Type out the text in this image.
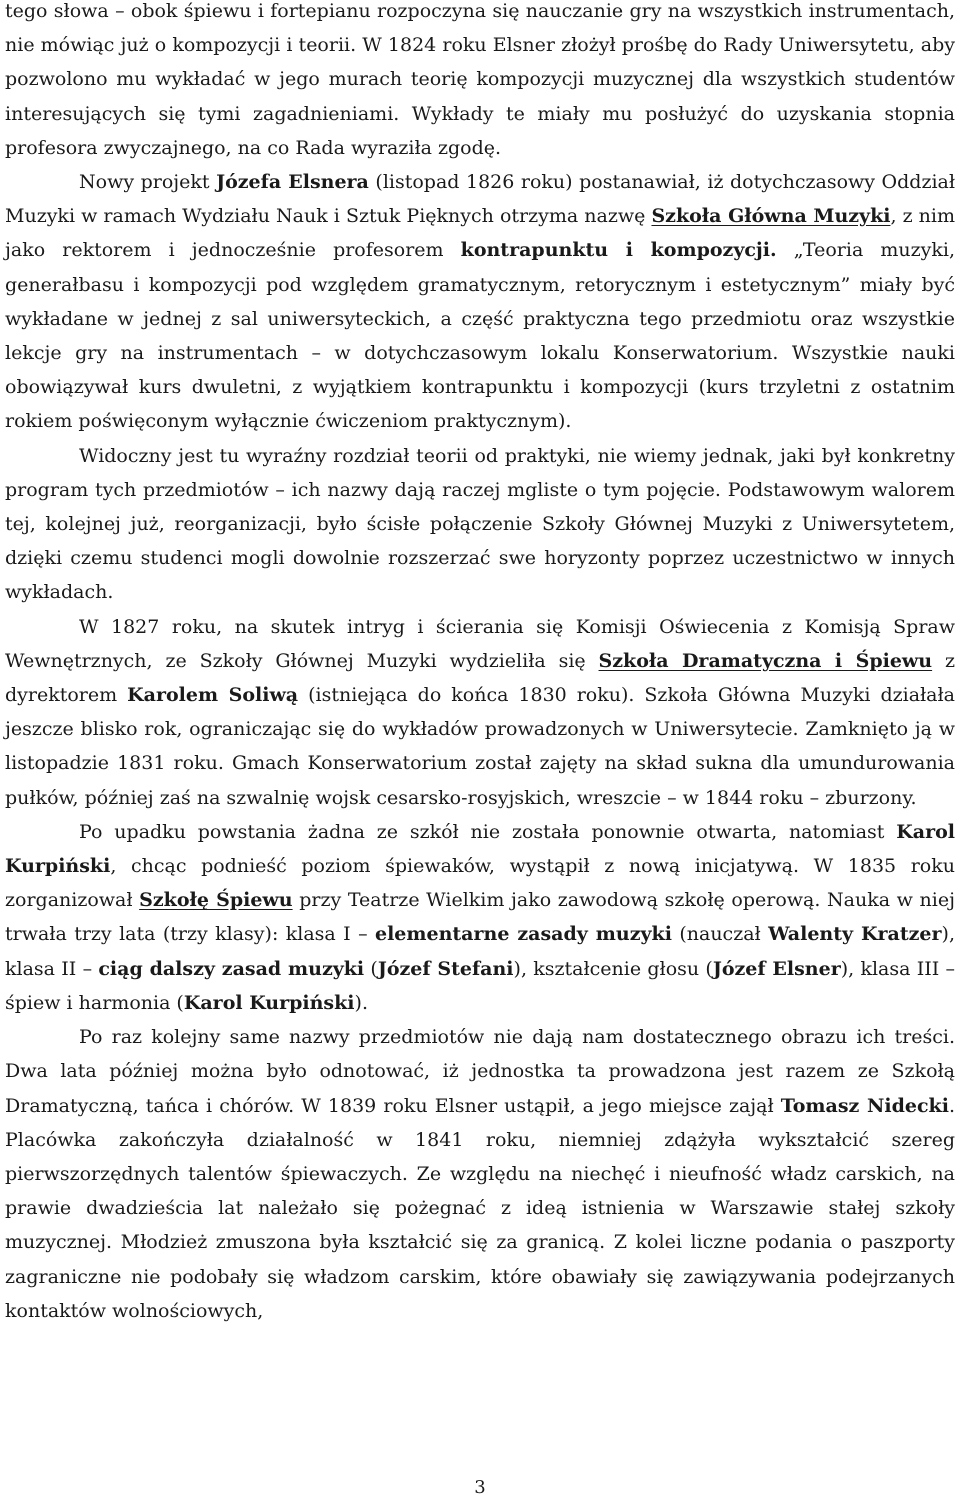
tego słowa – obok śpiewu i fortepianu rozpoczyna się nauczanie gry na wszystkich instrumentach, nie mówiąc już o kompozycji i teorii. W 1824 roku Elsner złożył prośbę do Rady Uniwersytetu, aby pozwolono mu wykładać w jego murach teorię kompozycji muzycznej dla wszystkich studentów interesujących się tymi zagadnieniami. Wykłady te miały mu posłużyć do uzyskania stopnia profesora zwyczajnego, na co Rada wyraziła zgodę.

Nowy projekt Józefa Elsnera (listopad 1826 roku) postanawiał, iż dotychczasowy Oddział Muzyki w ramach Wydziału Nauk i Sztuk Pięknych otrzyma nazwę Szkoła Główna Muzyki, z nim jako rektorem i jednocześnie profesorem kontrapunktu i kompozycji. „Teoria muzyki, generałbasu i kompozycji pod względem gramatycznym, retorycznym i estetycznym” miały być wykładane w jednej z sal uniwersyteckich, a część praktyczna tego przedmiotu oraz wszystkie lekcje gry na instrumentach – w dotychczasowym lokalu Konserwatorium. Wszystkie nauki obowiązywał kurs dwuletni, z wyjątkiem kontrapunktu i kompozycji (kurs trzyletni z ostatnim rokiem poświęconym wyłącznie ćwiczeniom praktycznym).

Widoczny jest tu wyraźny rozdział teorii od praktyki, nie wiemy jednak, jaki był konkretny program tych przedmiotów – ich nazwy dają raczej mgliste o tym pojęcie. Podstawowym walorem tej, kolejnej już, reorganizacji, było ścisłe połączenie Szkoły Głównej Muzyki z Uniwersytetem, dzięki czemu studenci mogli dowolnie rozszerzać swe horyzonty poprzez uczestnictwo w innych wykładach.

W 1827 roku, na skutek intryg i ścierania się Komisji Oświecenia z Komisją Spraw Wewnętrznych, ze Szkoły Głównej Muzyki wydzieliła się Szkoła Dramatyczna i Śpiewu z dyrektorem Karolem Soliwą (istniejąca do końca 1830 roku). Szkoła Główna Muzyki działała jeszcze blisko rok, ograniczając się do wykładów prowadzonych w Uniwersytecie. Zamknięto ją w listopadzie 1831 roku. Gmach Konserwatorium został zajęty na skład sukna dla umundurowania pułków, później zaś na szwalnię wojsk cesarsko-rosyjskich, wreszcie – w 1844 roku – zburzony.

Po upadku powstania żadna ze szkół nie została ponownie otwarta, natomiast Karol Kurpiński, chcąc podnieść poziom śpiewaków, wystąpił z nową inicjatywą. W 1835 roku zorganizował Szkołę Śpiewu przy Teatrze Wielkim jako zawodową szkołę operową. Nauka w niej trwała trzy lata (trzy klasy): klasa I – elementarne zasady muzyki (nauczał Walenty Kratzer), klasa II – ciąg dalszy zasad muzyki (Józef Stefani), kształcenie głosu (Józef Elsner), klasa III – śpiew i harmonia (Karol Kurpiński).

Po raz kolejny same nazwy przedmiotów nie dają nam dostatecznego obrazu ich treści. Dwa lata później można było odnotować, iż jednostka ta prowadzona jest razem ze Szkołą Dramatyczną, tańca i chórów. W 1839 roku Elsner ustąpił, a jego miejsce zajął Tomasz Nidecki. Placówka zakończyła działalność w 1841 roku, niemniej zdążyła wykształcić szereg pierwszorzędnych talentów śpiewaczych. Ze względu na niechęć i nieufność władz carskich, na prawie dwadzieścia lat należało się pożegnać z ideą istnienia w Warszawie stałej szkoły muzycznej. Młodzież zmuszona była kształcić się za granicą. Z kolei liczne podania o paszporty zagraniczne nie podobały się władzom carskim, które obawiały się zawiązywania podejrzanych kontaktów wolnościowych,

3
